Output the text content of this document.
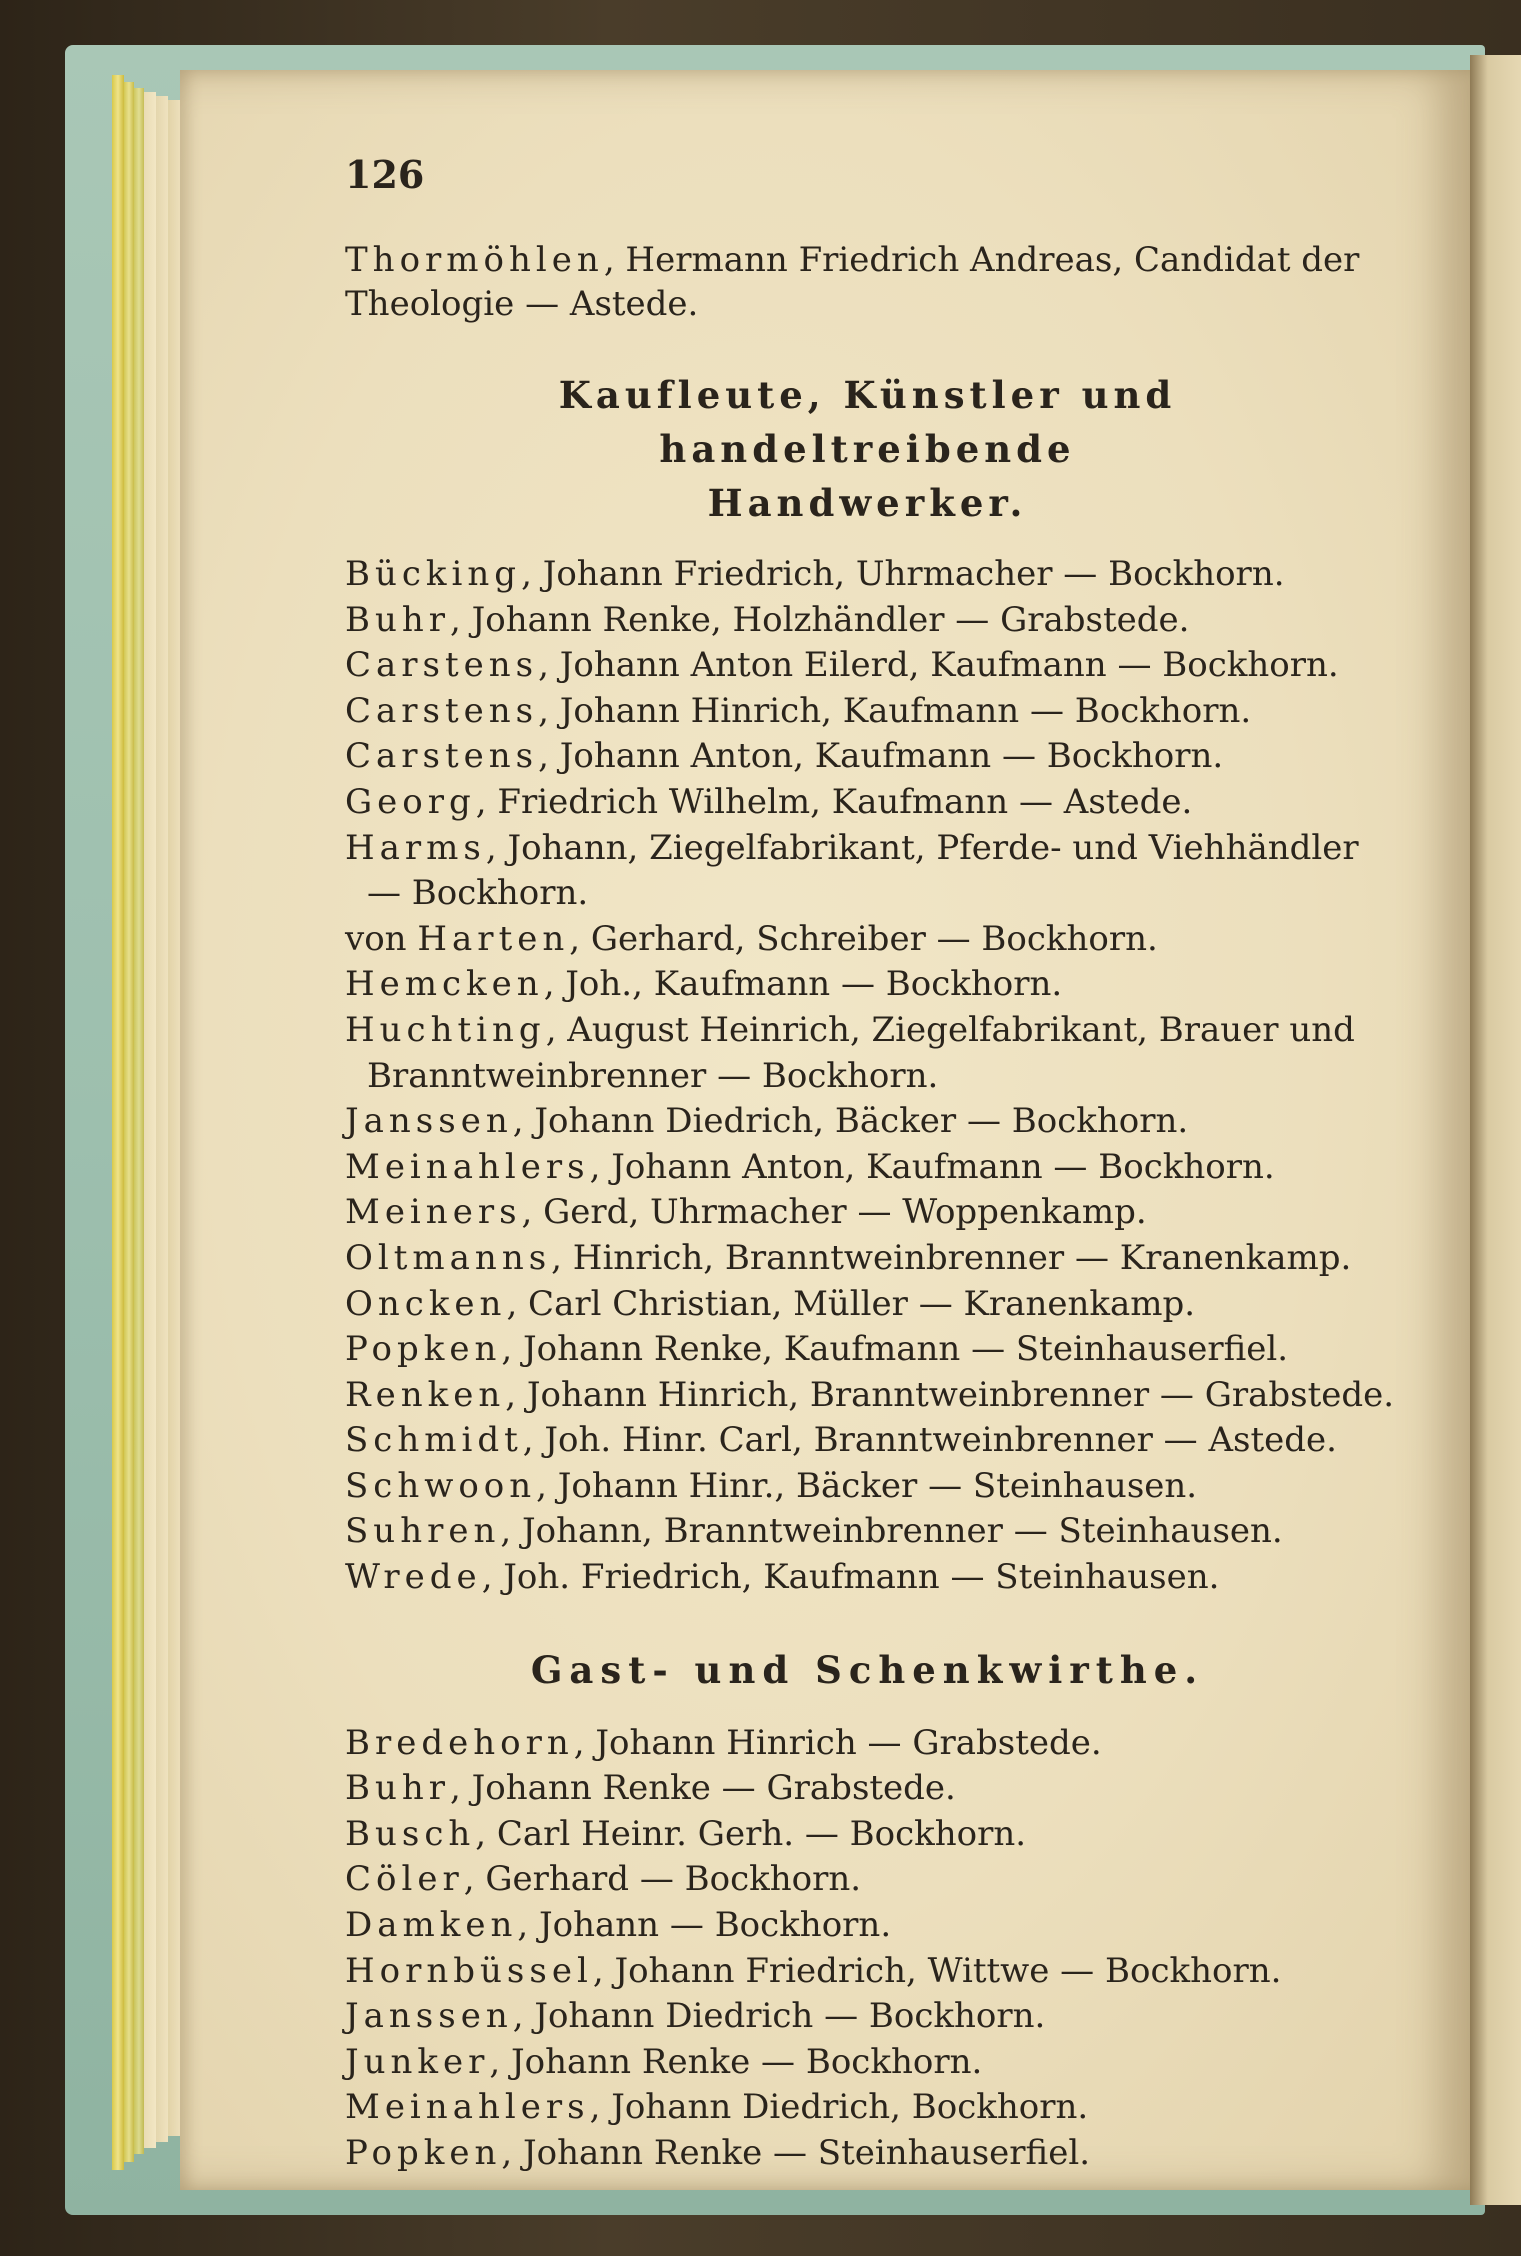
126
Thormöhlen, Hermann Friedrich Andreas, Candidat der
Theologie — Astede.
Kaufleute, Künstler und handeltreibende
Handwerker.
Bücking, Johann Friedrich, Uhrmacher — Bockhorn.
Buhr, Johann Renke, Holzhändler — Grabstede.
Carstens, Johann Anton Eilerd, Kaufmann — Bockhorn.
Carstens, Johann Hinrich, Kaufmann — Bockhorn.
Carstens, Johann Anton, Kaufmann — Bockhorn.
Georg, Friedrich Wilhelm, Kaufmann — Astede.
Harms, Johann, Ziegelfabrikant, Pferde- und Viehhändler
— Bockhorn.
von Harten, Gerhard, Schreiber — Bockhorn.
Hemcken, Joh., Kaufmann — Bockhorn.
Huchting, August Heinrich, Ziegelfabrikant, Brauer und
Branntweinbrenner — Bockhorn.
Janssen, Johann Diedrich, Bäcker — Bockhorn.
Meinahlers, Johann Anton, Kaufmann — Bockhorn.
Meiners, Gerd, Uhrmacher — Woppenkamp.
Oltmanns, Hinrich, Branntweinbrenner — Kranenkamp.
Oncken, Carl Christian, Müller — Kranenkamp.
Popken, Johann Renke, Kaufmann — Steinhauserfiel.
Renken, Johann Hinrich, Branntweinbrenner — Grabstede.
Schmidt, Joh. Hinr. Carl, Branntweinbrenner — Astede.
Schwoon, Johann Hinr., Bäcker — Steinhausen.
Suhren, Johann, Branntweinbrenner — Steinhausen.
Wrede, Joh. Friedrich, Kaufmann — Steinhausen.
Gast- und Schenkwirthe.
Bredehorn, Johann Hinrich — Grabstede.
Buhr, Johann Renke — Grabstede.
Busch, Carl Heinr. Gerh. — Bockhorn.
Cöler, Gerhard — Bockhorn.
Damken, Johann — Bockhorn.
Hornbüssel, Johann Friedrich, Wittwe — Bockhorn.
Janssen, Johann Diedrich — Bockhorn.
Junker, Johann Renke — Bockhorn.
Meinahlers, Johann Diedrich, Bockhorn.
Popken, Johann Renke — Steinhauserfiel.
